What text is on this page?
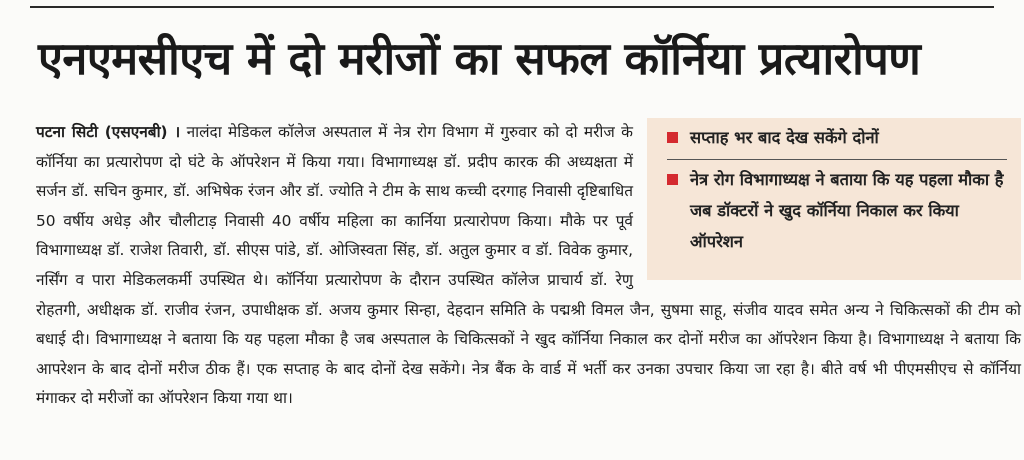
एनएमसीएच में दो मरीजों का सफल कॉर्निया प्रत्यारोपण
सप्ताह भर बाद देख सकेंगे दोनों
नेत्र रोग विभागाध्यक्ष ने बताया कि यह पहला मौका है जब डॉक्टरों ने खुद कॉर्निया निकाल कर किया ऑपरेशन
पटना सिटी (एसएनबी) । नालंदा मेडिकल कॉलेज अस्पताल में नेत्र रोग विभाग में गुरुवार को दो मरीज के कॉर्निया का प्रत्यारोपण दो घंटे के ऑपरेशन में किया गया। विभागाध्यक्ष डॉ. प्रदीप कारक की अध्यक्षता में सर्जन डॉ. सचिन कुमार, डॉ. अभिषेक रंजन और डॉ. ज्योति ने टीम के साथ कच्ची दरगाह निवासी दृष्टिबाधित 50 वर्षीय अधेड़ और चौलीटाड़ निवासी 40 वर्षीय महिला का कार्निया प्रत्यारोपण किया। मौके पर पूर्व विभागाध्यक्ष डॉ. राजेश तिवारी, डॉ. सीएस पांडे, डॉ. ओजिस्वता सिंह, डॉ. अतुल कुमार व डॉ. विवेक कुमार, नर्सिंग व पारा मेडिकलकर्मी उपस्थित थे। कॉर्निया प्रत्यारोपण के दौरान उपस्थित कॉलेज प्राचार्य डॉ. रेणु रोहतगी, अधीक्षक डॉ. राजीव रंजन, उपाधीक्षक डॉ. अजय कुमार सिन्हा, देहदान समिति के पद्मश्री विमल जैन, सुषमा साहू, संजीव यादव समेत अन्य ने चिकित्सकों की टीम को बधाई दी। विभागाध्यक्ष ने बताया कि यह पहला मौका है जब अस्पताल के चिकित्सकों ने खुद कॉर्निया निकाल कर दोनों मरीज का ऑपरेशन किया है। विभागाध्यक्ष ने बताया कि आपरेशन के बाद दोनों मरीज ठीक हैं। एक सप्ताह के बाद दोनों देख सकेंगे। नेत्र बैंक के वार्ड में भर्ती कर उनका उपचार किया जा रहा है। बीते वर्ष भी पीएमसीएच से कॉर्निया मंगाकर दो मरीजों का ऑपरेशन किया गया था।
